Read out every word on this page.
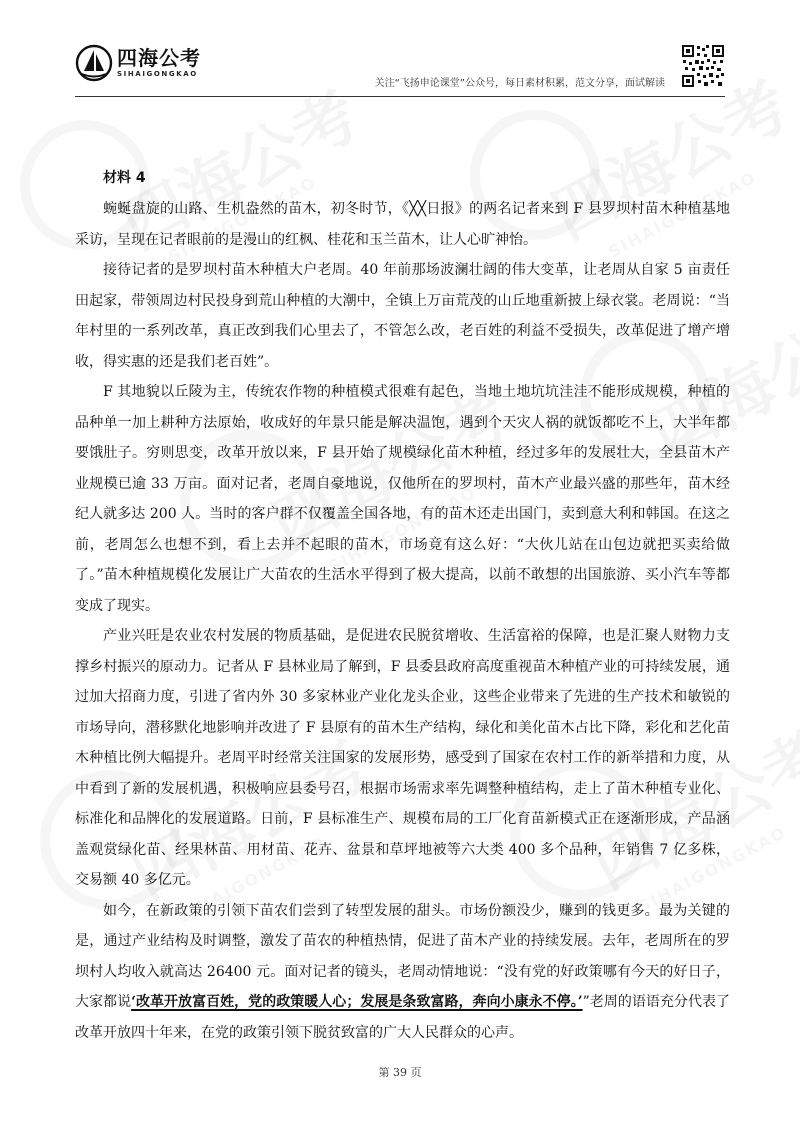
四海公考
SIHAIGONGKAO
关注“飞扬申论课堂”公众号，每日素材积累，范文分享，面试解读
材料 4

蜿蜒盘旋的山路、生机盎然的苗木，初冬时节，《╳╳日报》的两名记者来到 F 县罗坝村苗木种植基地采访，呈现在记者眼前的是漫山的红枫、桂花和玉兰苗木，让人心旷神怡。

接待记者的是罗坝村苗木种植大户老周。40 年前那场波澜壮阔的伟大变革，让老周从自家 5 亩责任田起家，带领周边村民投身到荒山种植的大潮中，全镇上万亩荒茂的山丘地重新披上绿衣裳。老周说：“当年村里的一系列改革，真正改到我们心里去了，不管怎么改，老百姓的利益不受损失，改革促进了增产增收，得实惠的还是我们老百姓”。

F 其地貌以丘陵为主，传统农作物的种植模式很难有起色，当地土地坑坑洼洼不能形成规模，种植的品种单一加上耕种方法原始，收成好的年景只能是解决温饱，遇到个天灾人祸的就饭都吃不上，大半年都要饿肚子。穷则思变，改革开放以来，F 县开始了规模绿化苗木种植，经过多年的发展壮大，全县苗木产业规模已逾 33 万亩。面对记者，老周自豪地说，仅他所在的罗坝村，苗木产业最兴盛的那些年，苗木经纪人就多达 200 人。当时的客户群不仅覆盖全国各地，有的苗木还走出国门，卖到意大利和韩国。在这之前，老周怎么也想不到，看上去并不起眼的苗木，市场竟有这么好：“大伙儿站在山包边就把买卖给做了。”苗木种植规模化发展让广大苗农的生活水平得到了极大提高，以前不敢想的出国旅游、买小汽车等都变成了现实。

产业兴旺是农业农村发展的物质基础，是促进农民脱贫增收、生活富裕的保障，也是汇聚人财物力支撑乡村振兴的原动力。记者从 F 县林业局了解到，F 县委县政府高度重视苗木种植产业的可持续发展，通过加大招商力度，引进了省内外 30 多家林业产业化龙头企业，这些企业带来了先进的生产技术和敏锐的市场导向，潜移默化地影响并改进了 F 县原有的苗木生产结构，绿化和美化苗木占比下降，彩化和艺化苗木种植比例大幅提升。老周平时经常关注国家的发展形势，感受到了国家在农村工作的新举措和力度，从中看到了新的发展机遇，积极响应县委号召，根据市场需求率先调整种植结构，走上了苗木种植专业化、标准化和品牌化的发展道路。日前，F 县标准生产、规模布局的工厂化育苗新模式正在逐渐形成，产品涵盖观赏绿化苗、经果林苗、用材苗、花卉、盆景和草坪地被等六大类 400 多个品种，年销售 7 亿多株，交易额 40 多亿元。

如今，在新政策的引领下苗农们尝到了转型发展的甜头。市场份额没少，赚到的钱更多。最为关键的是，通过产业结构及时调整，激发了苗农的种植热情，促进了苗木产业的持续发展。去年，老周所在的罗坝村人均收入就高达 26400 元。面对记者的镜头，老周动情地说：“没有党的好政策哪有今天的好日子，大家都说‘改革开放富百姓，党的政策暖人心；发展是条致富路，奔向小康永不停。’”老周的语语充分代表了改革开放四十年来，在党的政策引领下脱贫致富的广大人民群众的心声。

第 39 页
